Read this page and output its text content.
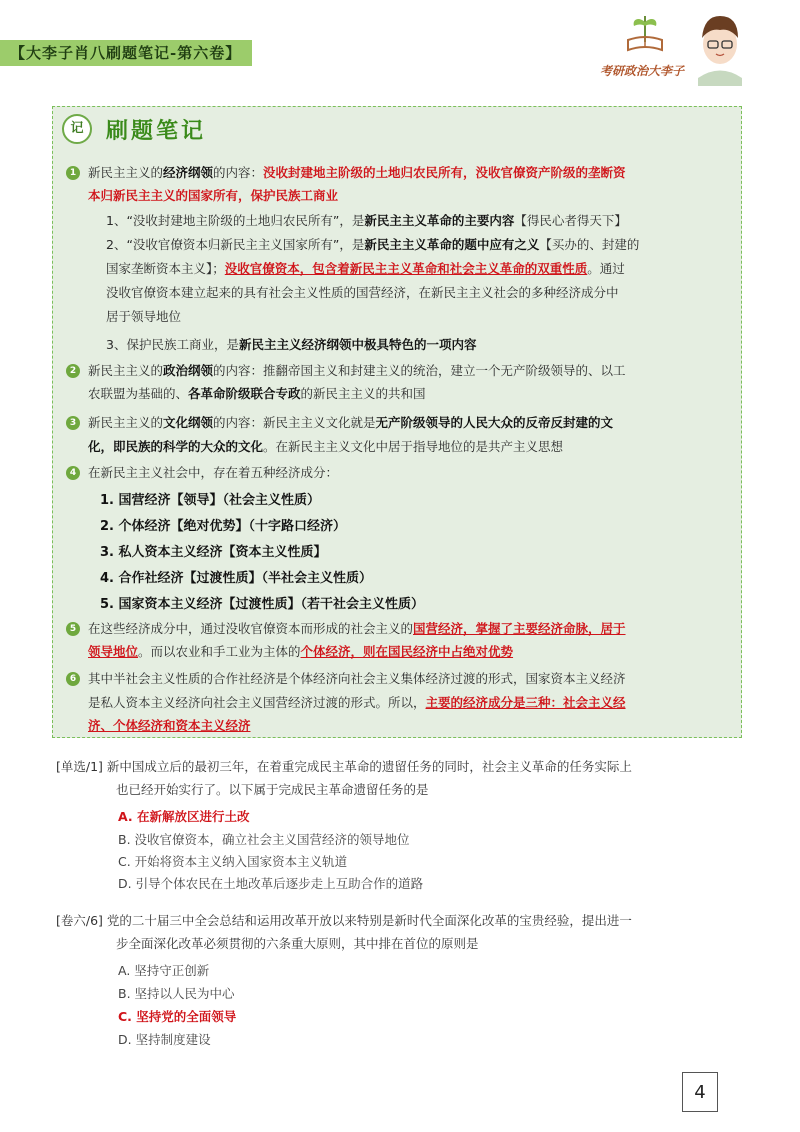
【大李子肖八刷题笔记-第六卷】
考研政治大李子
记	刷题笔记
1 新民主主义的经济纲领的内容：没收封建地主阶级的土地归农民所有，没收官僚资产阶级的垄断资
本归新民主主义的国家所有，保护民族工商业
1、“没收封建地主阶级的土地归农民所有”，是新民主主义革命的主要内容【得民心者得天下】
2、“没收官僚资本归新民主主义国家所有”，是新民主主义革命的题中应有之义【买办的、封建的
国家垄断资本主义】；没收官僚资本，包含着新民主主义革命和社会主义革命的双重性质。通过
没收官僚资本建立起来的具有社会主义性质的国营经济，在新民主主义社会的多种经济成分中
居于领导地位
3、保护民族工商业，是新民主主义经济纲领中极具特色的一项内容
2 新民主主义的政治纲领的内容：推翻帝国主义和封建主义的统治，建立一个无产阶级领导的、以工
农联盟为基础的、各革命阶级联合专政的新民主主义的共和国
3 新民主主义的文化纲领的内容：新民主主义文化就是无产阶级领导的人民大众的反帝反封建的文
化，即民族的科学的大众的文化。在新民主主义文化中居于指导地位的是共产主义思想
4 在新民主主义社会中，存在着五种经济成分：
1. 国营经济【领导】（社会主义性质）
2. 个体经济【绝对优势】（十字路口经济）
3. 私人资本主义经济【资本主义性质】
4. 合作社经济【过渡性质】（半社会主义性质）
5. 国家资本主义经济【过渡性质】（若干社会主义性质）
5 在这些经济成分中，通过没收官僚资本而形成的社会主义的国营经济，掌握了主要经济命脉，居于
领导地位。而以农业和手工业为主体的个体经济，则在国民经济中占绝对优势
6 其中半社会主义性质的合作社经济是个体经济向社会主义集体经济过渡的形式，国家资本主义经济
是私人资本主义经济向社会主义国营经济过渡的形式。所以，主要的经济成分是三种：社会主义经
济、个体经济和资本主义经济
[单选/1] 新中国成立后的最初三年，在着重完成民主革命的遗留任务的同时，社会主义革命的任务实际上
也已经开始实行了。以下属于完成民主革命遗留任务的是
A. 在新解放区进行土改
B. 没收官僚资本，确立社会主义国营经济的领导地位
C. 开始将资本主义纳入国家资本主义轨道
D. 引导个体农民在土地改革后逐步走上互助合作的道路
[卷六/6] 党的二十届三中全会总结和运用改革开放以来特别是新时代全面深化改革的宝贵经验，提出进一
步全面深化改革必须贯彻的六条重大原则，其中排在首位的原则是
A. 坚持守正创新
B. 坚持以人民为中心
C. 坚持党的全面领导
D. 坚持制度建设
4
